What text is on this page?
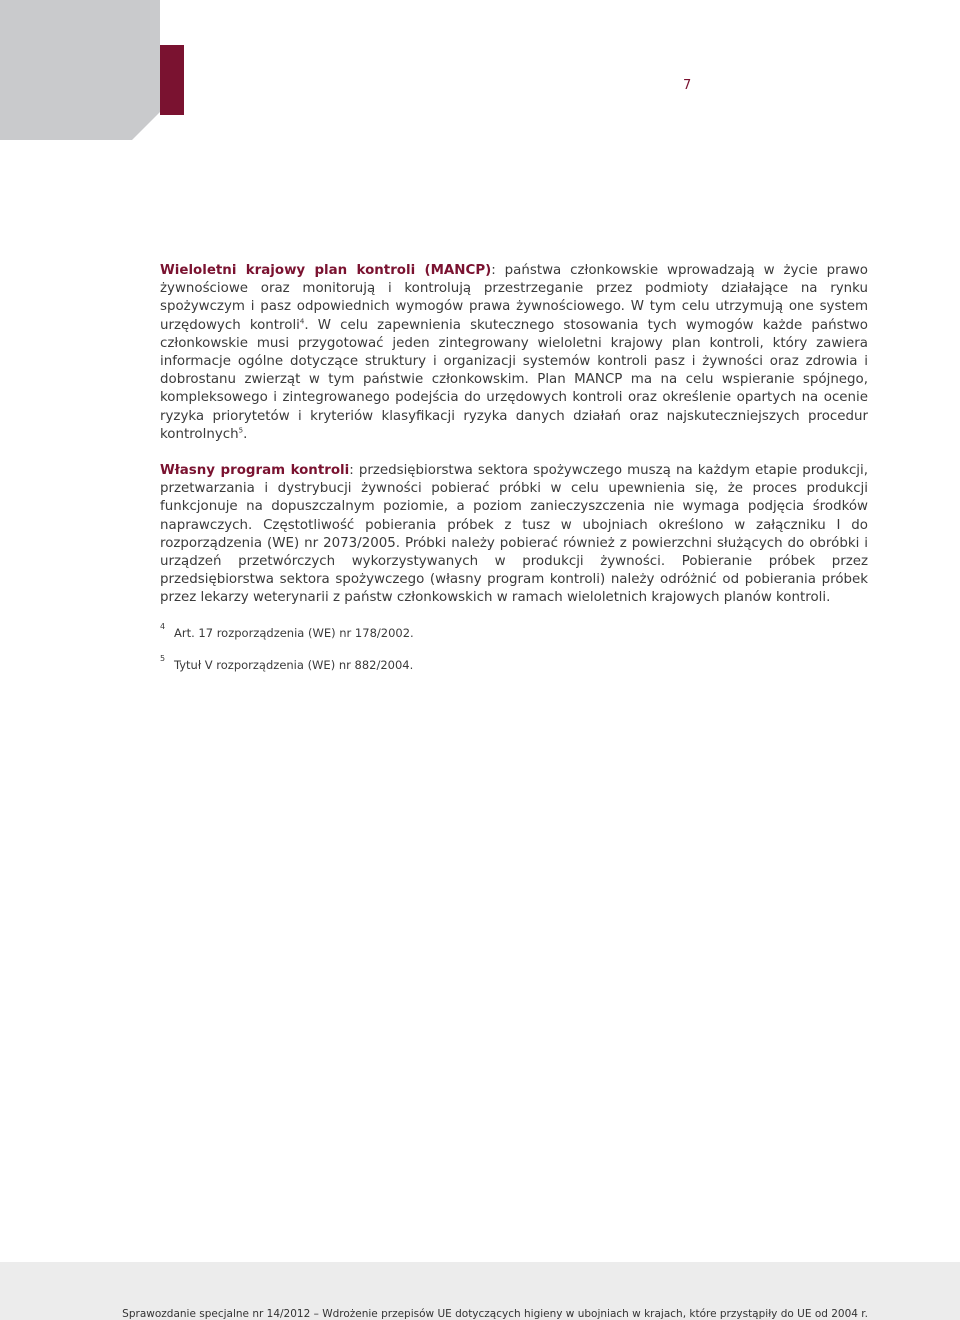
7

Wieloletni krajowy plan kontroli (MANCP): państwa członkowskie wprowadzają w życie prawo żywnościowe oraz monitorują i kontrolują przestrzeganie przez podmioty działające na rynku spożywczym i pasz odpowiednich wymogów prawa żywnościowego. W tym celu utrzymują one system urzędowych kontroli$^4$. W celu zapewnienia skutecznego stosowania tych wymogów każde państwo członkowskie musi przygotować jeden zintegrowany wieloletni krajowy plan kontroli, który zawiera informacje ogólne dotyczące struktury i organizacji systemów kontroli pasz i żywności oraz zdrowia i dobrostanu zwierząt w tym państwie członkowskim. Plan MANCP ma na celu wspieranie spójnego, kompleksowego i zintegrowanego podejścia do urzędowych kontroli oraz określenie opartych na ocenie ryzyka priorytetów i kryteriów klasyfikacji ryzyka danych działań oraz najskuteczniejszych procedur kontrolnych$^5$.

Własny program kontroli: przedsiębiorstwa sektora spożywczego muszą na każdym etapie produkcji, przetwarzania i dystrybucji żywności pobierać próbki w celu upewnienia się, że proces produkcji funkcjonuje na dopuszczalnym poziomie, a poziom zanieczyszczenia nie wymaga podjęcia środków naprawczych. Częstotliwość pobierania próbek z tusz w ubojniach określono w załączniku I do rozporządzenia (WE) nr 2073/2005. Próbki należy pobierać również z powierzchni służących do obróbki i urządzeń przetwórczych wykorzystywanych w produkcji żywności. Pobieranie próbek przez przedsiębiorstwa sektora spożywczego (własny program kontroli) należy odróżnić od pobierania próbek przez lekarzy weterynarii z państw członkowskich w ramach wieloletnich krajowych planów kontroli.

4 Art. 17 rozporządzenia (WE) nr 178/2002.
5 Tytuł V rozporządzenia (WE) nr 882/2004.
Sprawozdanie specjalne nr 14/2012 – Wdrożenie przepisów UE dotyczących higieny w ubojniach w krajach, które przystąpiły do UE od 2004 r.
